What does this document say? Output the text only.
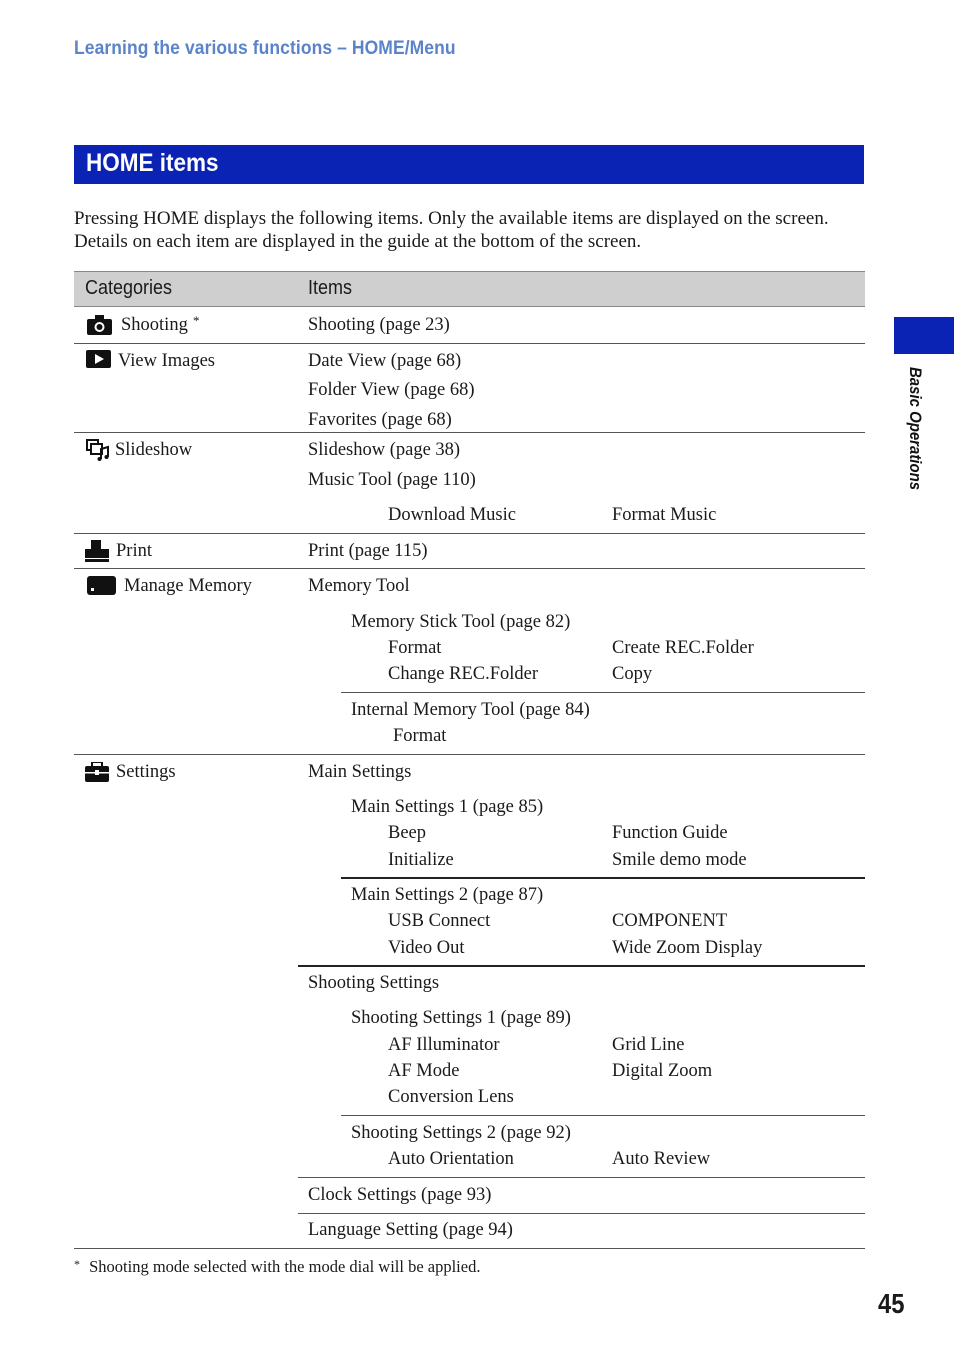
Learning the various functions – HOME/Menu
HOME items
Pressing HOME displays the following items. Only the available items are displayed on the screen. Details on each item are displayed in the guide at the bottom of the screen.
Categories	Items
Shooting *	Shooting (page 23)
View Images	Date View (page 68)
Folder View (page 68)
Favorites (page 68)
Slideshow	Slideshow (page 38)
Music Tool (page 110)
Download Music	Format Music
Print	Print (page 115)
Manage Memory	Memory Tool
Memory Stick Tool (page 82)
Format	Create REC.Folder
Change REC.Folder	Copy
Internal Memory Tool (page 84)
Format
Settings	Main Settings
Main Settings 1 (page 85)
Beep	Function Guide
Initialize	Smile demo mode
Main Settings 2 (page 87)
USB Connect	COMPONENT
Video Out	Wide Zoom Display
Shooting Settings
Shooting Settings 1 (page 89)
AF Illuminator	Grid Line
AF Mode	Digital Zoom
Conversion Lens
Shooting Settings 2 (page 92)
Auto Orientation	Auto Review
Clock Settings (page 93)
Language Setting (page 94)
* Shooting mode selected with the mode dial will be applied.
Basic Operations
45
